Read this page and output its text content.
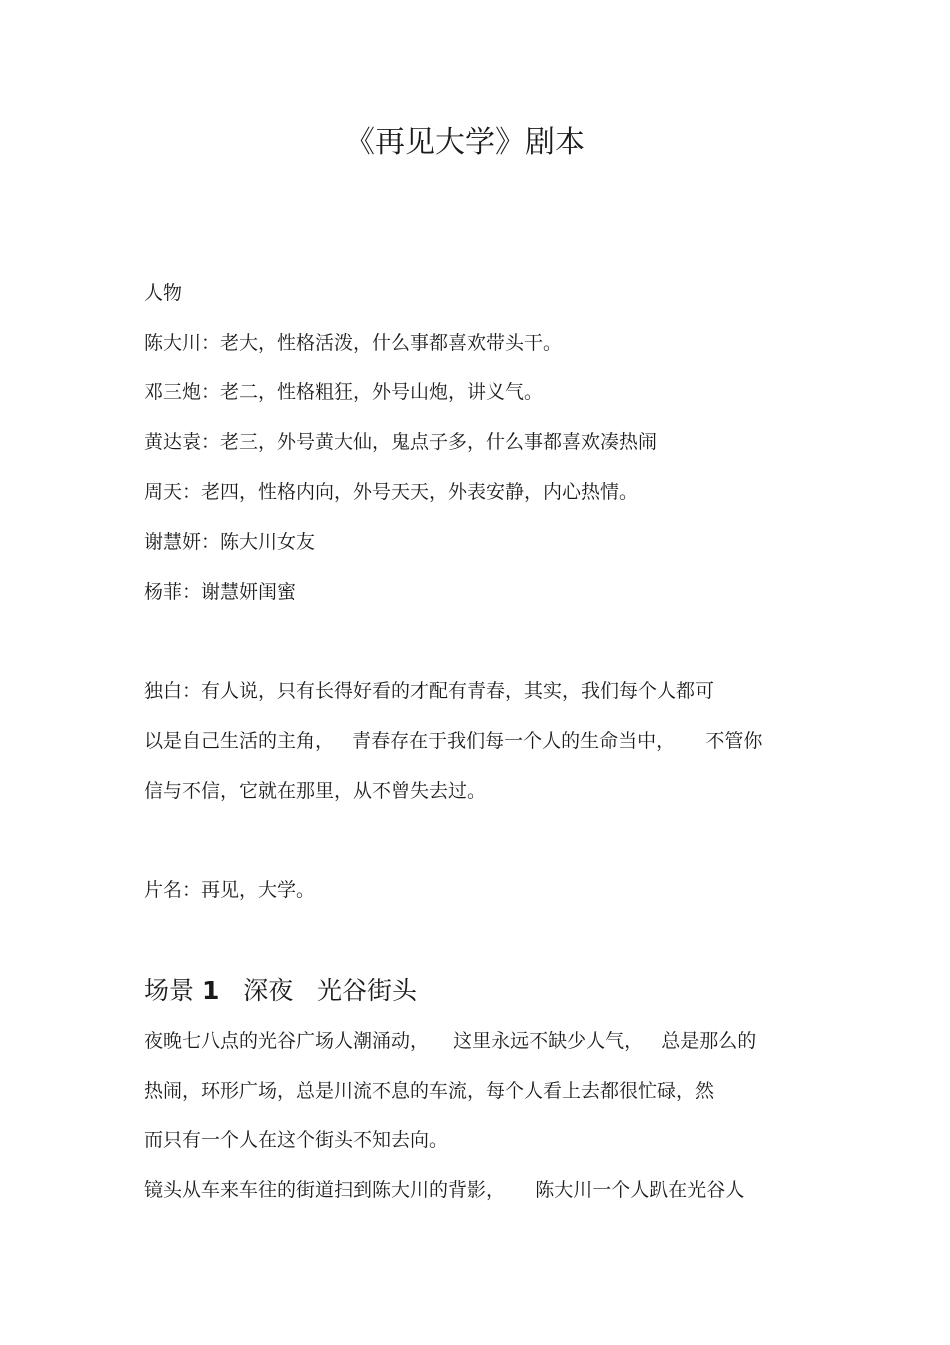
《再见大学》剧本
人物
陈大川：老大，性格活泼，什么事都喜欢带头干。
邓三炮：老二，性格粗狂，外号山炮，讲义气。
黄达袁：老三，外号黄大仙，鬼点子多，什么事都喜欢凑热闹
周天：老四，性格内向，外号天天，外表安静，内心热情。
谢慧妍：陈大川女友
杨菲：谢慧妍闺蜜
独白：有人说，只有长得好看的才配有青春，其实，我们每个人都可
以是自己生活的主角，   青春存在于我们每一个人的生命当中，     不管你
信与不信，它就在那里，从不曾失去过。
片名：再见，大学。
场景 1   深夜   光谷街头
夜晚七八点的光谷广场人潮涌动，    这里永远不缺少人气，   总是那么的
热闹，环形广场，总是川流不息的车流，每个人看上去都很忙碌，然
而只有一个人在这个街头不知去向。
镜头从车来车往的街道扫到陈大川的背影，     陈大川一个人趴在光谷人
